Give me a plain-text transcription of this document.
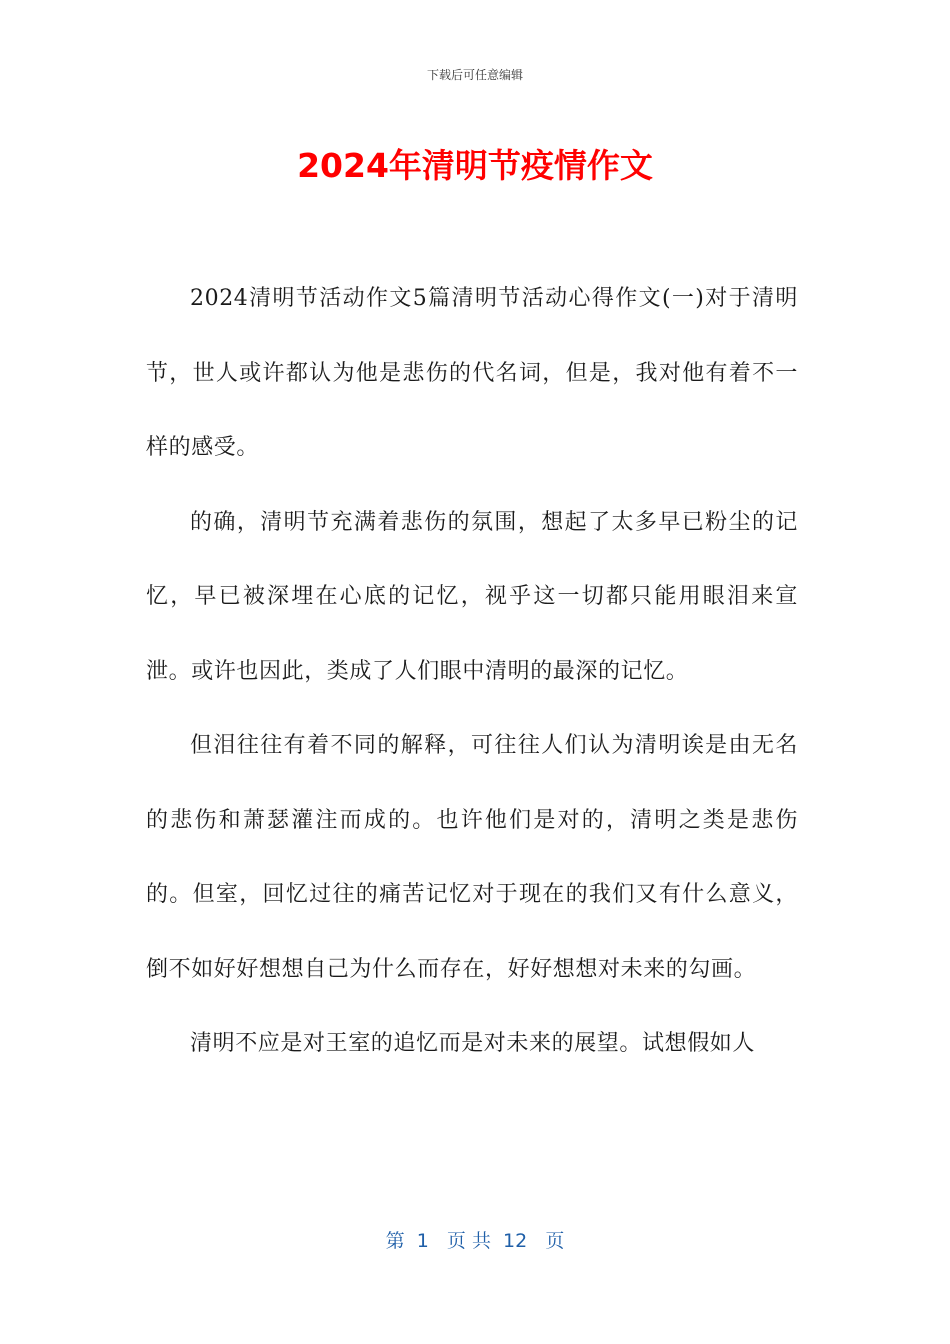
下载后可任意编辑
2024年清明节疫情作文

2024清明节活动作文5篇清明节活动心得作文(一)对于清明节，世人或许都认为他是悲伤的代名词，但是，我对他有着不一样的感受。

的确，清明节充满着悲伤的氛围，想起了太多早已粉尘的记忆，早已被深埋在心底的记忆，视乎这一切都只能用眼泪来宣泄。或许也因此，类成了人们眼中清明的最深的记忆。

但泪往往有着不同的解释，可往往人们认为清明诶是由无名的悲伤和萧瑟灌注而成的。也许他们是对的，清明之类是悲伤的。但室，回忆过往的痛苦记忆对于现在的我们又有什么意义，倒不如好好想想自己为什么而存在，好好想想对未来的勾画。

清明不应是对王室的追忆而是对未来的展望。试想假如人

第  1   页 共  12   页
